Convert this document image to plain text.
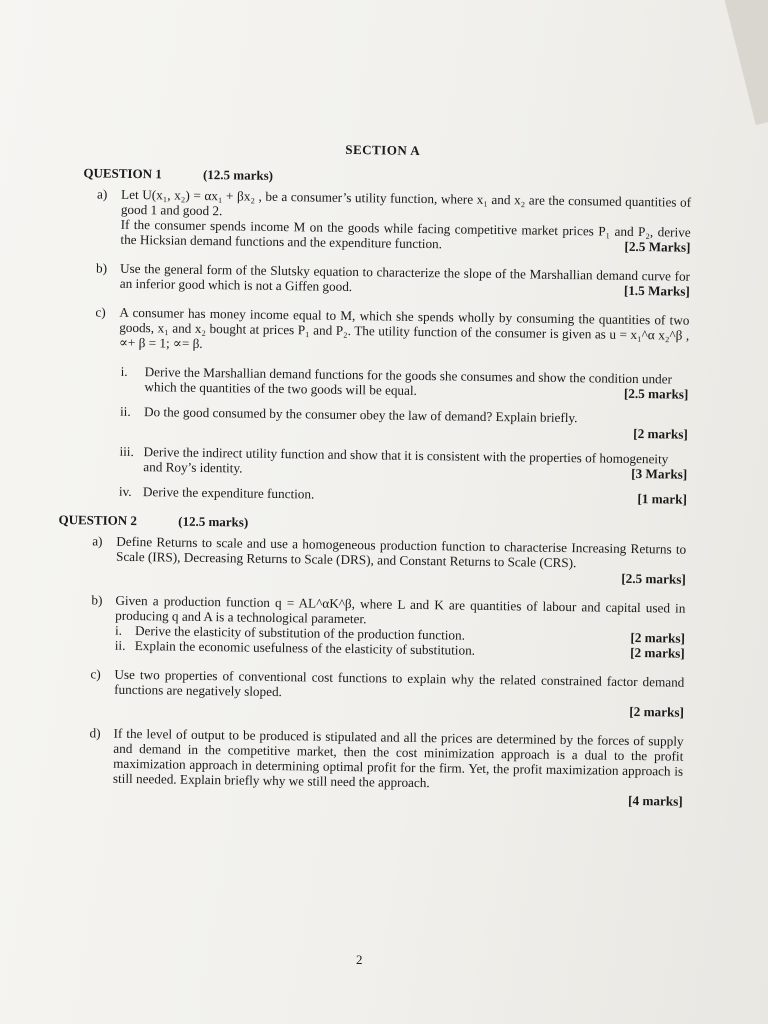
SECTION A
QUESTION 1	(12.5 marks)
a) Let U(x₁, x₂) = αx₁ + βx₂ , be a consumer’s utility function, where x₁ and x₂ are the consumed quantities of good 1 and good 2.
If the consumer spends income M on the goods while facing competitive market prices P₁ and P₂, derive the Hicksian demand functions and the expenditure function.	[2.5 Marks]
b) Use the general form of the Slutsky equation to characterize the slope of the Marshallian demand curve for an inferior good which is not a Giffen good.	[1.5 Marks]
c) A consumer has money income equal to M, which she spends wholly by consuming the quantities of two goods, x₁ and x₂ bought at prices P₁ and P₂. The utility function of the consumer is given as u = x₁^α x₂^β , ∝+ β = 1; ∝= β.
i. Derive the Marshallian demand functions for the goods she consumes and show the condition under which the quantities of the two goods will be equal.	[2.5 marks]
ii. Do the good consumed by the consumer obey the law of demand? Explain briefly.
[2 marks]
iii. Derive the indirect utility function and show that it is consistent with the properties of homogeneity and Roy’s identity.	[3 Marks]
iv. Derive the expenditure function.	[1 mark]
QUESTION 2	(12.5 marks)
a) Define Returns to scale and use a homogeneous production function to characterise Increasing Returns to Scale (IRS), Decreasing Returns to Scale (DRS), and Constant Returns to Scale (CRS).
[2.5 marks]
b) Given a production function q = AL^αK^β, where L and K are quantities of labour and capital used in producing q and A is a technological parameter.
i. Derive the elasticity of substitution of the production function.	[2 marks]
ii. Explain the economic usefulness of the elasticity of substitution.	[2 marks]
c) Use two properties of conventional cost functions to explain why the related constrained factor demand functions are negatively sloped.
[2 marks]
d) If the level of output to be produced is stipulated and all the prices are determined by the forces of supply and demand in the competitive market, then the cost minimization approach is a dual to the profit maximization approach in determining optimal profit for the firm. Yet, the profit maximization approach is still needed. Explain briefly why we still need the approach.
[4 marks]
2
